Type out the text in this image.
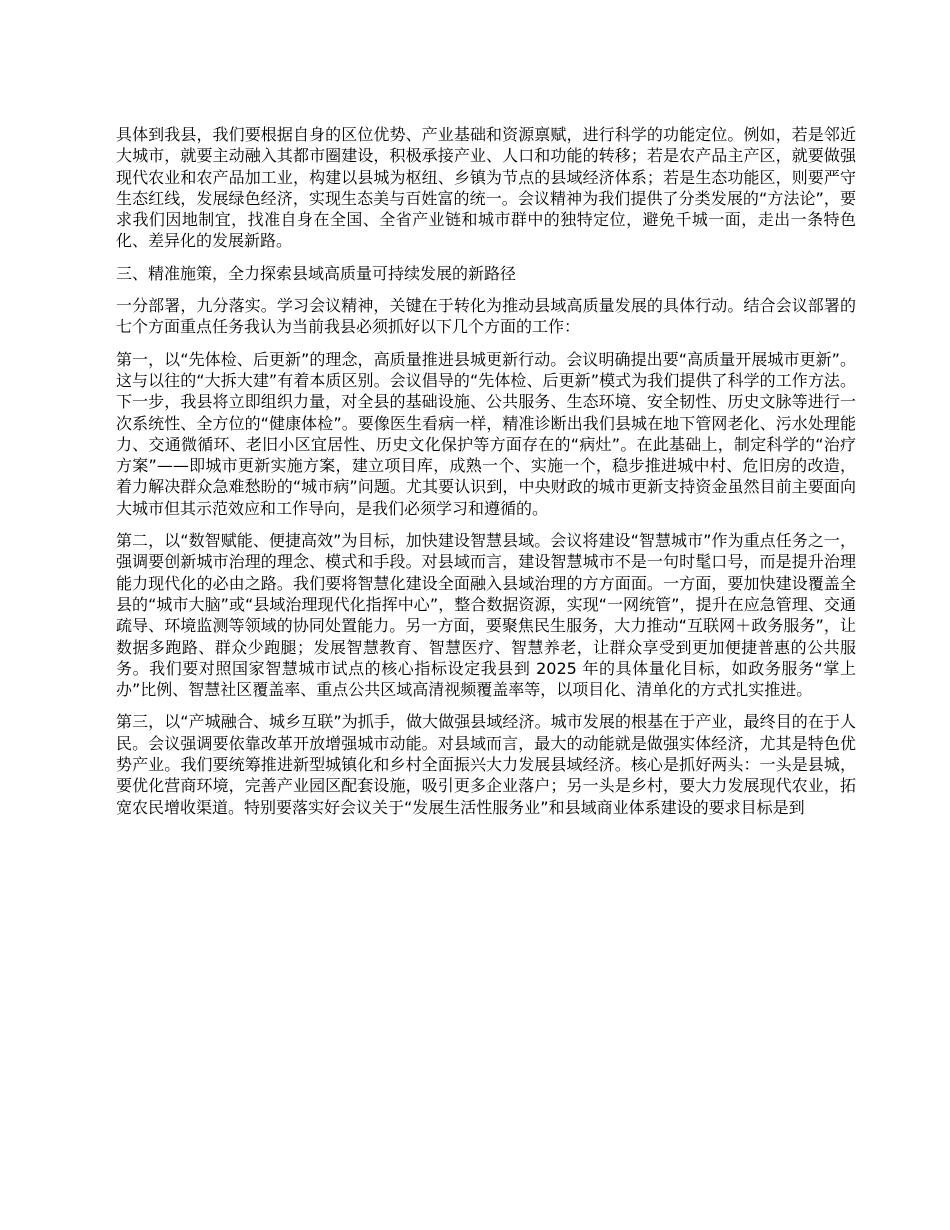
具体到我县，我们要根据自身的区位优势、产业基础和资源禀赋，进行科学的功能定位。例如，若是邻近大城市，就要主动融入其都市圈建设，积极承接产业、人口和功能的转移；若是农产品主产区，就要做强现代农业和农产品加工业，构建以县城为枢纽、乡镇为节点的县域经济体系；若是生态功能区，则要严守生态红线，发展绿色经济，实现生态美与百姓富的统一。会议精神为我们提供了分类发展的“方法论”，要求我们因地制宜，找准自身在全国、全省产业链和城市群中的独特定位，避免千城一面，走出一条特色化、差异化的发展新路。

三、精准施策，全力探索县域高质量可持续发展的新路径

一分部署，九分落实。学习会议精神，关键在于转化为推动县域高质量发展的具体行动。结合会议部署的七个方面重点任务我认为当前我县必须抓好以下几个方面的工作：

第一，以“先体检、后更新”的理念，高质量推进县城更新行动。会议明确提出要“高质量开展城市更新”。这与以往的“大拆大建”有着本质区别。会议倡导的“先体检、后更新”模式为我们提供了科学的工作方法。下一步，我县将立即组织力量，对全县的基础设施、公共服务、生态环境、安全韧性、历史文脉等进行一次系统性、全方位的“健康体检”。要像医生看病一样，精准诊断出我们县城在地下管网老化、污水处理能力、交通微循环、老旧小区宜居性、历史文化保护等方面存在的“病灶”。在此基础上，制定科学的“治疗方案”——即城市更新实施方案，建立项目库，成熟一个、实施一个，稳步推进城中村、危旧房的改造，着力解决群众急难愁盼的“城市病”问题。尤其要认识到，中央财政的城市更新支持资金虽然目前主要面向大城市但其示范效应和工作导向，是我们必须学习和遵循的。

第二，以“数智赋能、便捷高效”为目标，加快建设智慧县域。会议将建设“智慧城市”作为重点任务之一，强调要创新城市治理的理念、模式和手段。对县域而言，建设智慧城市不是一句时髦口号，而是提升治理能力现代化的必由之路。我们要将智慧化建设全面融入县域治理的方方面面。一方面，要加快建设覆盖全县的“城市大脑”或“县域治理现代化指挥中心”，整合数据资源，实现“一网统管”，提升在应急管理、交通疏导、环境监测等领域的协同处置能力。另一方面，要聚焦民生服务，大力推动“互联网＋政务服务”，让数据多跑路、群众少跑腿；发展智慧教育、智慧医疗、智慧养老，让群众享受到更加便捷普惠的公共服务。我们要对照国家智慧城市试点的核心指标设定我县到 2025 年的具体量化目标，如政务服务“掌上办”比例、智慧社区覆盖率、重点公共区域高清视频覆盖率等，以项目化、清单化的方式扎实推进。

第三，以“产城融合、城乡互联”为抓手，做大做强县域经济。城市发展的根基在于产业，最终目的在于人民。会议强调要依靠改革开放增强城市动能。对县域而言，最大的动能就是做强实体经济，尤其是特色优势产业。我们要统筹推进新型城镇化和乡村全面振兴大力发展县域经济。核心是抓好两头：一头是县城，要优化营商环境，完善产业园区配套设施，吸引更多企业落户；另一头是乡村，要大力发展现代农业，拓宽农民增收渠道。特别要落实好会议关于“发展生活性服务业”和县域商业体系建设的要求目标是到
